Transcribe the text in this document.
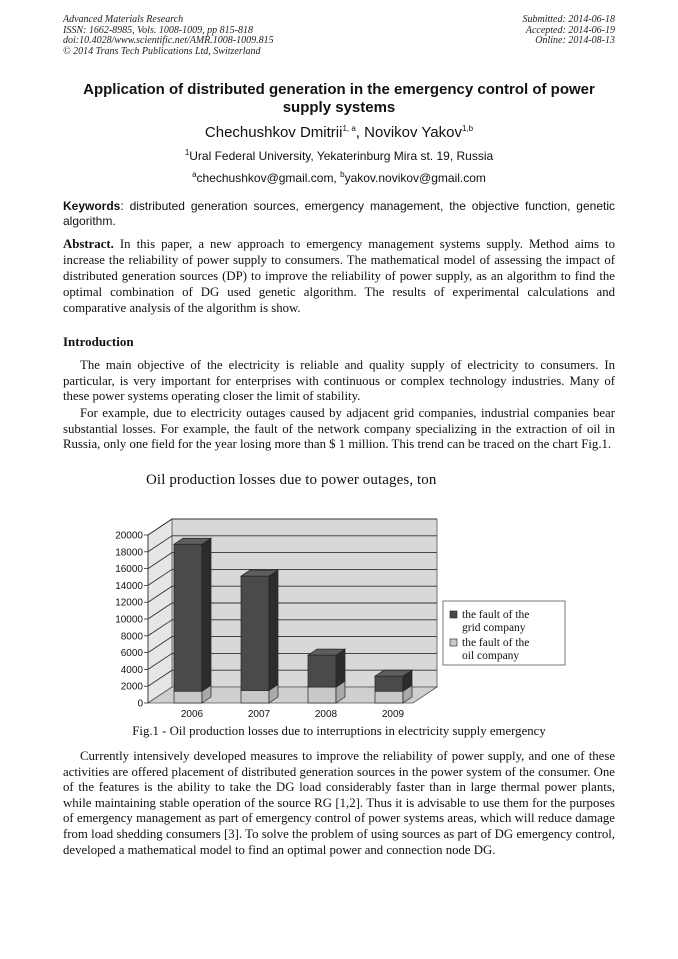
Advanced Materials Research
ISSN: 1662-8985, Vols. 1008-1009, pp 815-818
doi:10.4028/www.scientific.net/AMR.1008-1009.815
© 2014 Trans Tech Publications Ltd, Switzerland
Submitted: 2014-06-18
Accepted: 2014-06-19
Online: 2014-08-13
Application of distributed generation in the emergency control of power supply systems
Chechushkov Dmitrii$^{1, a}$, Novikov Yakov$^{1,b}$
$^1$Ural Federal University, Yekaterinburg Mira st. 19, Russia
$^a$chechushkov@gmail.com, $^b$yakov.novikov@gmail.com
Keywords: distributed generation sources, emergency management, the objective function, genetic algorithm.
Abstract. In this paper, a new approach to emergency management systems supply. Method aims to increase the reliability of power supply to consumers. The mathematical model of assessing the impact of distributed generation sources (DP) to improve the reliability of power supply, as an algorithm to find the optimal combination of DG used genetic algorithm. The results of experimental calculations and comparative analysis of the algorithm is show.
Introduction

The main objective of the electricity is reliable and quality supply of electricity to consumers. In particular, is very important for enterprises with continuous or complex technology industries. Many of these power systems operating closer the limit of stability.

For example, due to electricity outages caused by adjacent grid companies, industrial companies bear substantial losses. For example, the fault of the network company specializing in the extraction of oil in Russia, only one field for the year losing more than $ 1 million. This trend can be traced on the chart Fig.1.

Oil production losses due to power outages, ton
0
2000
4000
6000
8000
10000
12000
14000
16000
18000
20000
2006	2007	2008	2009
the fault of the grid company
the fault of the oil company
Fig.1 - Oil production losses due to interruptions in electricity supply emergency

Currently intensively developed measures to improve the reliability of power supply, and one of these activities are offered placement of distributed generation sources in the power system of the consumer. One of the features is the ability to take the DG load considerably faster than in large thermal power plants, while maintaining stable operation of the source RG [1,2]. Thus it is advisable to use them for the purposes of emergency management as part of emergency control of power systems areas, which will reduce damage from load shedding consumers [3]. To solve the problem of using sources as part of DG emergency control, developed a mathematical model to find an optimal power and connection node DG.
